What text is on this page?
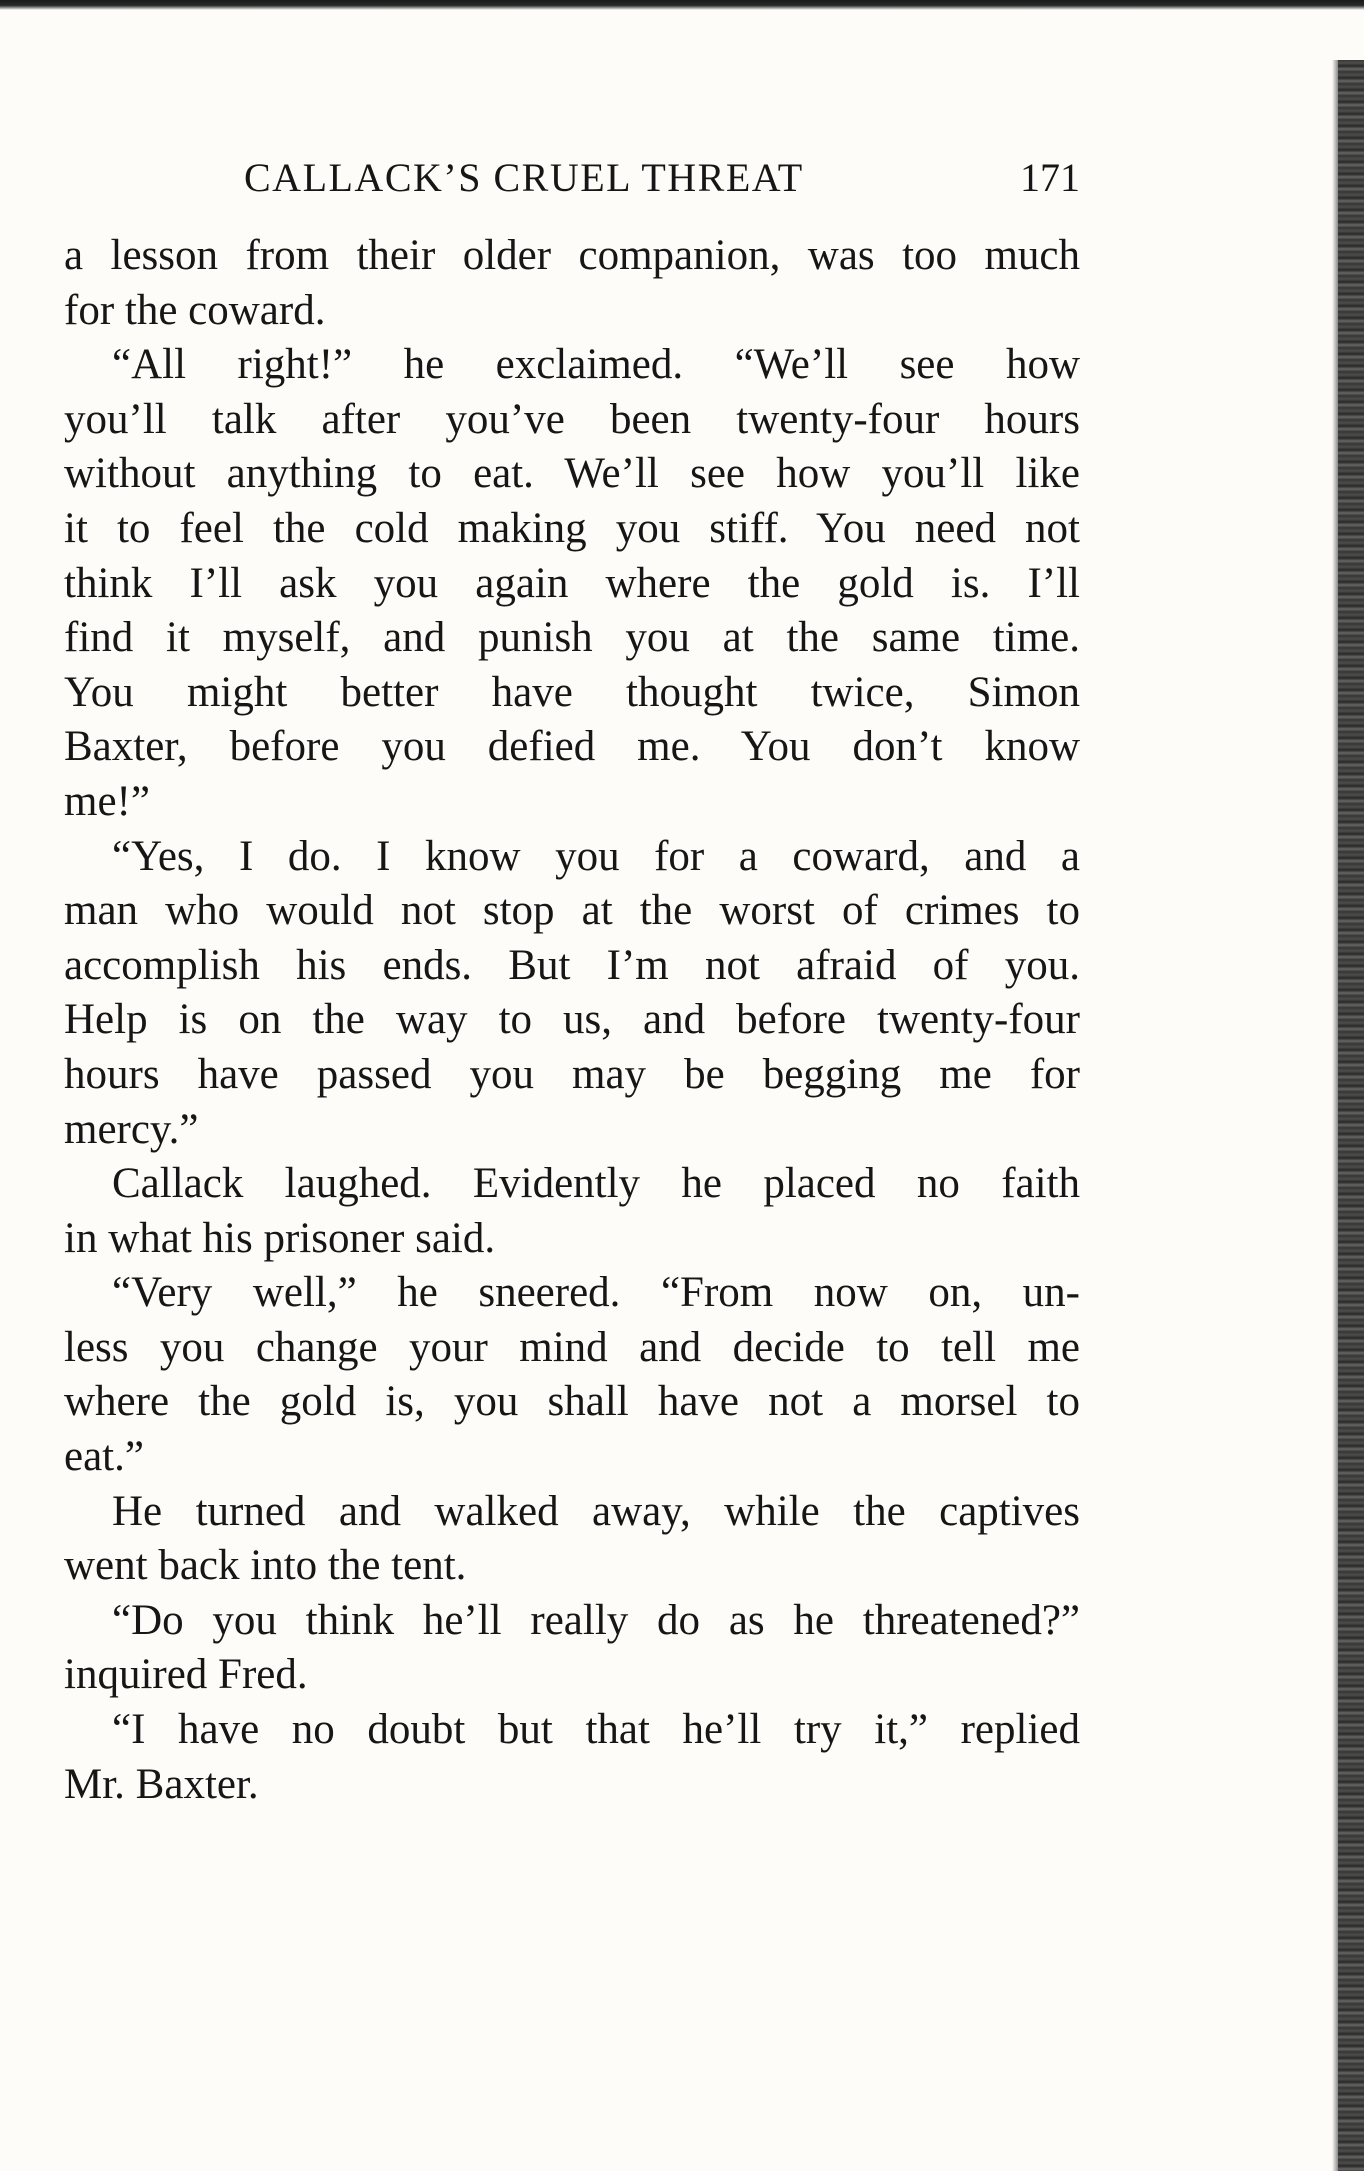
CALLACK’S CRUEL THREAT	171
a lesson from their older companion, was too much
for the coward.
“All right!” he exclaimed. “We’ll see how
you’ll talk after you’ve been twenty-four hours
without anything to eat. We’ll see how you’ll like
it to feel the cold making you stiff. You need not
think I’ll ask you again where the gold is. I’ll
find it myself, and punish you at the same time.
You might better have thought twice, Simon
Baxter, before you defied me. You don’t know
me!”
“Yes, I do. I know you for a coward, and a
man who would not stop at the worst of crimes to
accomplish his ends. But I’m not afraid of you.
Help is on the way to us, and before twenty-four
hours have passed you may be begging me for
mercy.”
Callack laughed. Evidently he placed no faith
in what his prisoner said.
“Very well,” he sneered. “From now on, un-
less you change your mind and decide to tell me
where the gold is, you shall have not a morsel to
eat.”
He turned and walked away, while the captives
went back into the tent.
“Do you think he’ll really do as he threatened?”
inquired Fred.
“I have no doubt but that he’ll try it,” replied
Mr. Baxter.
